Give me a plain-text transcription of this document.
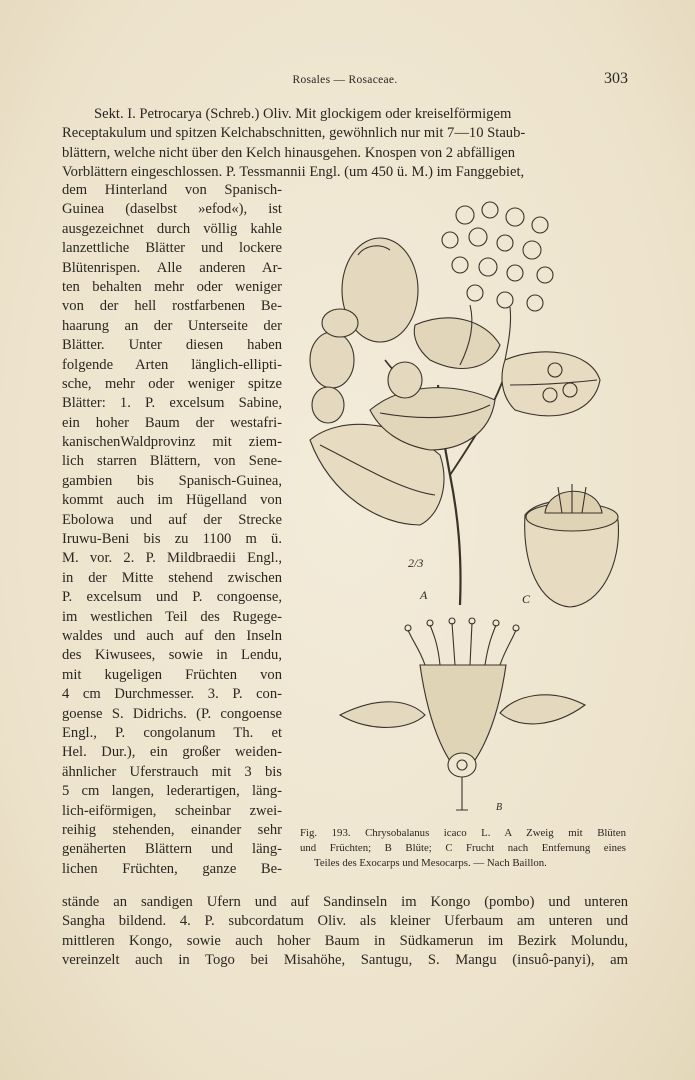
Rosales — Rosaceae.	303
Sekt. I. Petrocarya (Schreb.) Oliv. Mit glockigem oder kreiselförmigem
Receptakulum und spitzen Kelchabschnitten, gewöhnlich nur mit 7—10 Staub-
blättern, welche nicht über den Kelch hinausgehen. Knospen von 2 abfälligen
Vorblättern eingeschlossen. P. Tessmannii Engl. (um 450 ü. M.) im Fanggebiet,
dem Hinterland von Spanisch-
Guinea (daselbst »efod«), ist
ausgezeichnet durch völlig kahle
lanzettliche Blätter und lockere
Blütenrispen. Alle anderen Ar-
ten behalten mehr oder weniger
von der hell rostfarbenen Be-
haarung an der Unterseite der
Blätter. Unter diesen haben
folgende Arten länglich-ellipti-
sche, mehr oder weniger spitze
Blätter: 1. P. excelsum Sabine,
ein hoher Baum der westafri-
kanischenWaldprovinz mit ziem-
lich starren Blättern, von Sene-
gambien bis Spanisch-Guinea,
kommt auch im Hügelland von
Ebolowa und auf der Strecke
Iruwu-Beni bis zu 1100 m ü.
M. vor. 2. P. Mildbraedii Engl.,
in der Mitte stehend zwischen
P. excelsum und P. congoense,
im westlichen Teil des Rugege-
waldes und auch auf den Inseln
des Kiwusees, sowie in Lendu,
mit kugeligen Früchten von
4 cm Durchmesser. 3. P. con-
goense S. Didrichs. (P. congoense
Engl., P. congolanum Th. et
Hel. Dur.), ein großer weiden-
ähnlicher Uferstrauch mit 3 bis
5 cm langen, lederartigen, läng-
lich-eiförmigen, scheinbar zwei-
reihig stehenden, einander sehr
genäherten Blättern und läng-
lichen Früchten, ganze Be-
2/3
A	C
B
Fig. 193. Chrysobalanus icaco L. A Zweig mit Blüten
und Früchten; B Blüte; C Frucht nach Entfernung eines
Teiles des Exocarps und Mesocarps. — Nach Baillon.
stände an sandigen Ufern und auf Sandinseln im Kongo (pombo) und unteren
Sangha bildend. 4. P. subcordatum Oliv. als kleiner Uferbaum am unteren und
mittleren Kongo, sowie auch hoher Baum in Südkamerun im Bezirk Molundu,
vereinzelt auch in Togo bei Misahöhe, Santugu, S. Mangu (insuô-panyi), am
